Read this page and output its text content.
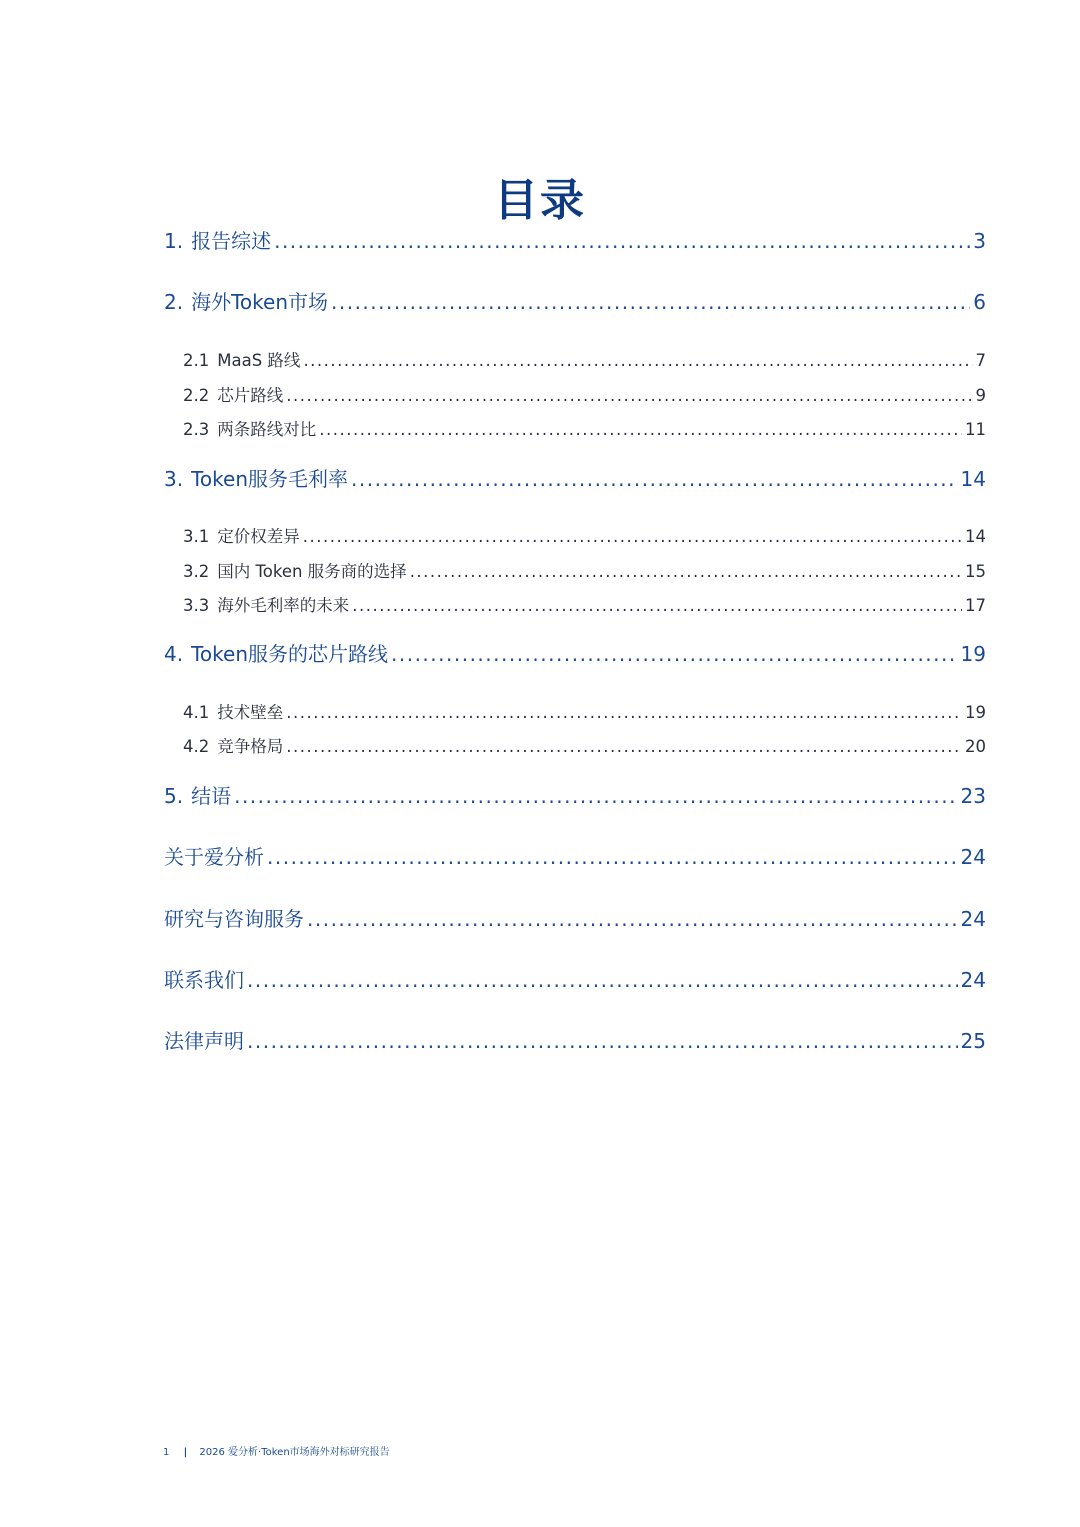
目录
1. 报告综述 .....	3
2. 海外Token市场 .....	6
2.1 MaaS 路线 .....	7
2.2 芯片路线 .....	9
2.3 两条路线对比 .....	11
3. Token服务毛利率 .....	14
3.1 定价权差异 .....	14
3.2 国内 Token 服务商的选择 .....	15
3.3 海外毛利率的未来 .....	17
4. Token服务的芯片路线 .....	19
4.1 技术壁垒 .....	19
4.2 竞争格局 .....	20
5. 结语 .....	23
关于爱分析 .....	24
研究与咨询服务 .....	24
联系我们 .....	24
法律声明 .....	25
1 | 2026 爱分析·Token市场海外对标研究报告
